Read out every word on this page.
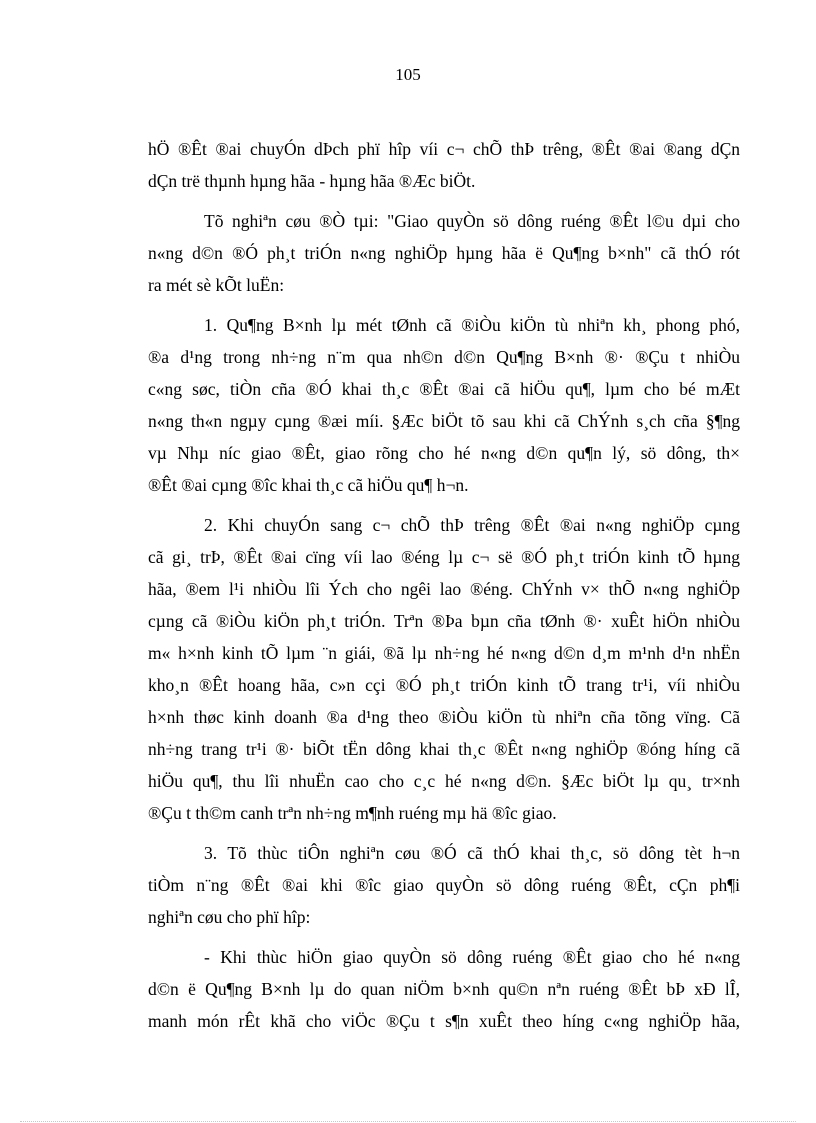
105
hÖ ®Êt ®ai chuyÓn dÞch phï hîp víi c¬ chÕ thÞ trêng, ®Êt ®ai ®ang dÇn
dÇn trë thµnh hµng hãa - hµng hãa ®Æc biÖt.
Tõ nghiªn cøu ®Ò tµi: "Giao quyÒn sö dông ruéng ®Êt l©u dµi cho
n«ng d©n ®Ó ph¸t triÓn n«ng nghiÖp hµng hãa ë Qu¶ng b×nh" cã thÓ rót
ra mét sè kÕt luËn:
1. Qu¶ng B×nh lµ mét tØnh cã ®iÒu kiÖn tù nhiªn kh¸ phong phó,
®a d¹ng trong nh÷ng n¨m qua nh©n d©n Qu¶ng B×nh ®· ®Çu t nhiÒu
c«ng søc, tiÒn cña ®Ó khai th¸c ®Êt ®ai cã hiÖu qu¶, lµm cho bé mÆt
n«ng th«n ngµy cµng ®æi míi. §Æc biÖt tõ sau khi cã ChÝnh s¸ch cña §¶ng
vµ Nhµ níc giao ®Êt, giao rõng cho hé n«ng d©n qu¶n lý, sö dông, th×
®Êt ®ai cµng ®îc khai th¸c cã hiÖu qu¶ h¬n.
2. Khi chuyÓn sang c¬ chÕ thÞ trêng ®Êt ®ai n«ng nghiÖp cµng
cã gi¸ trÞ, ®Êt ®ai cïng víi lao ®éng lµ c¬ së ®Ó ph¸t triÓn kinh tÕ hµng
hãa, ®em l¹i nhiÒu lîi Ých cho ngêi lao ®éng. ChÝnh v× thÕ n«ng nghiÖp
cµng cã ®iÒu kiÖn ph¸t triÓn. Trªn ®Þa bµn cña tØnh ®· xuÊt hiÖn nhiÒu
m« h×nh kinh tÕ lµm ¨n giái, ®ã lµ nh÷ng hé n«ng d©n d¸m m¹nh d¹n nhËn
kho¸n ®Êt hoang hãa, c»n cçi ®Ó ph¸t triÓn kinh tÕ trang tr¹i, víi nhiÒu
h×nh thøc kinh doanh ®a d¹ng theo ®iÒu kiÖn tù nhiªn cña tõng vïng. Cã
nh÷ng trang tr¹i ®· biÕt tËn dông khai th¸c ®Êt n«ng nghiÖp ®óng híng cã
hiÖu qu¶, thu lîi nhuËn cao cho c¸c hé n«ng d©n. §Æc biÖt lµ qu¸ tr×nh
®Çu t th©m canh trªn nh÷ng m¶nh ruéng mµ hä ®îc giao.
3. Tõ thùc tiÔn nghiªn cøu ®Ó cã thÓ khai th¸c, sö dông tèt h¬n
tiÒm n¨ng ®Êt ®ai khi ®îc giao quyÒn sö dông ruéng ®Êt, cÇn ph¶i
nghiªn cøu cho phï hîp:
- Khi thùc hiÖn giao quyÒn sö dông ruéng ®Êt giao cho hé n«ng
d©n ë Qu¶ng B×nh lµ do quan niÖm b×nh qu©n nªn ruéng ®Êt bÞ xÐ lÎ,
manh món rÊt khã cho viÖc ®Çu t s¶n xuÊt theo híng c«ng nghiÖp hãa,
